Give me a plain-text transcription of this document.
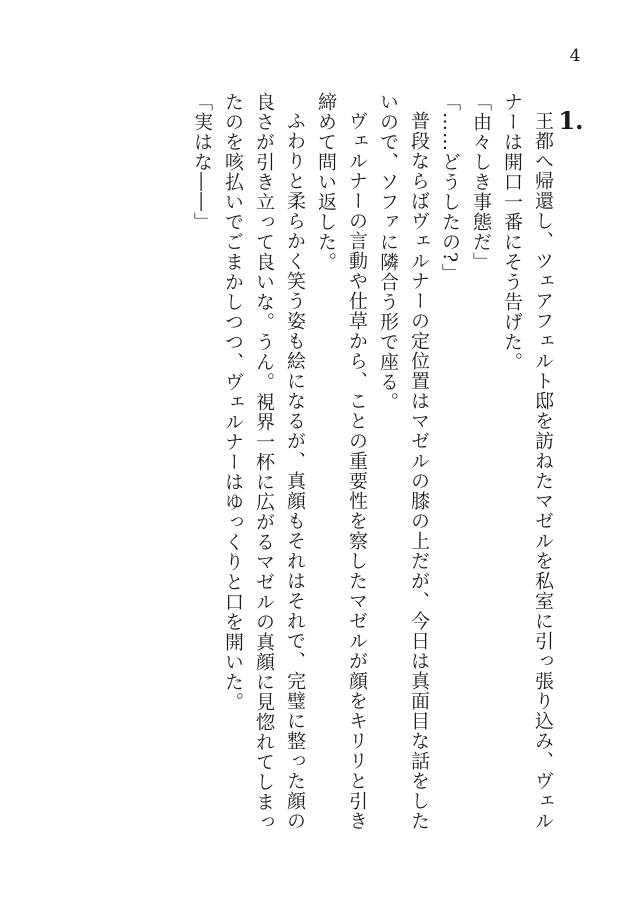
4
1.
王都へ帰還し、ツェアフェルト邸を訪ねたマゼルを私室に引っ張り込み、ヴェルナーは開口一番にそう告げた。
「由々しき事態だ」
「……どうしたの?」
普段ならばヴェルナーの定位置はマゼルの膝の上だが、今日は真面目な話をしたいので、ソファに隣合う形で座る。
ヴェルナーの言動や仕草から、ことの重要性を察したマゼルが顔をキリリと引き締めて問い返した。
ふわりと柔らかく笑う姿も絵になるが、真顔もそれはそれで、完璧に整った顔の良さが引き立って良いな。うん。視界一杯に広がるマゼルの真顔に見惚れてしまったのを咳払いでごまかしつつ、ヴェルナーはゆっくりと口を開いた。
「実はな――」
